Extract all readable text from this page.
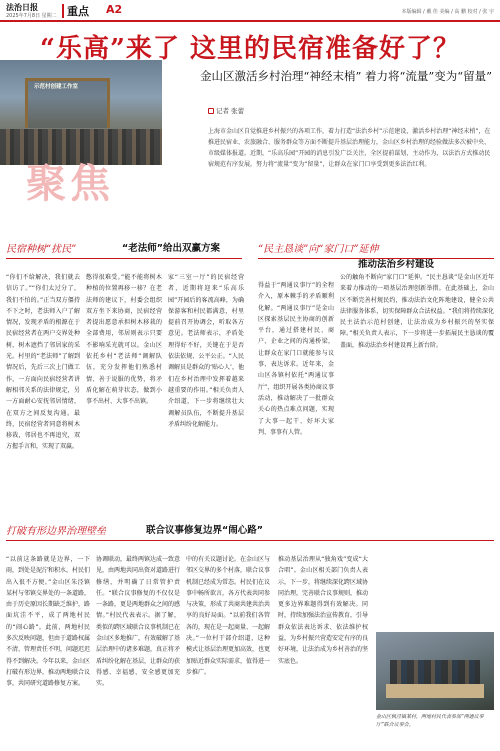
法治日报
2025年7月8日 星期二 重点 A2	本版编辑 / 戴 佳 美编 / 高 鹏 校对 / 张 宇
示范村创建工作室
“乐高”来了 这里的民宿准备好了？
金山区激活乡村治理“神经末梢” 着力将“流量”变为“留量”
聚焦
记者 张蕾

上海市金山区自觉推进乡村振兴的各项工作，着力打造“法治乡村”示范建设，激活乡村治理“神经末梢”，在推进民宿业、农旅融合、服务群众等方面不断提升基层治理能力，金山区乡村治理的经验做法多次被中央、市级媒体报道。近期，“乐高乐园”开园的消息引发广泛关注，全区提前谋划，主动作为，以法治方式推动民宿规范有序发展，努力将“流量”变为“留量”，让群众在家门口享受到更多法治红利。

民宿种树“扰民”	“老法师”给出双赢方案	“民主恳谈”向“家门口”延伸
推动法治乡村建设
“你们不给解决，我们就去信访了。”“你们太过分了，我们不怕的。”正当双方僵持不下之时，老法师入户了解情况，发现矛盾的根源在于民宿经营者在两户交界处种树，树木遮挡了邻居家的采光。村里的“老法师”了解到情况后，先后三次上门做工作，一方面向民宿经营者讲解相邻关系的法律规定，另一方面耐心安抚邻居情绪，在双方之间反复沟通。最终，民宿经营者同意将树木移栽，邻居也不再追究，双方握手言和，实现了双赢。
憋得很难受。”能不能将树木种植的位置再移一移？在老法师的建议下，村委会组织双方坐下来协商，民宿经营者提出愿意承担树木移栽的全部费用，邻居则表示只要不影响采光就可以。金山区依托乡村“老法师”调解队伍，充分发挥他们熟悉村情、善于说服的优势，将矛盾化解在萌芽状态，做到小事不出村、大事不出镇。
家“三室一厅”的民宿经营者，近期将迎来“乐高乐园”开园后的客流高峰，为确保游客和村民都满意，村里提前召开协调会，听取各方意见。老法师表示，矛盾处理得好不好，关键在于是否依法依规、公平公正。“人民调解员是群众的‘贴心人’，他们在乡村治理中发挥着越来越重要的作用。”相关负责人介绍道，下一步将继续壮大调解员队伍，不断提升基层矛盾纠纷化解能力。
得益于“两通议事厅”的全程介入，原本棘手的矛盾顺利化解。“两通议事厅”是金山区探索基层民主协商的创新平台，通过搭建村民、商户、企业之间的沟通桥梁，让群众在家门口就能参与议事、表达诉求。近年来，金山区各镇村依托“两通议事厅”，组织开展各类协商议事活动，推动解决了一批群众关心的热点难点问题，实现了大事一起干、好坏大家判、事事有人管。
公的触角不断向“家门口”延伸。“民主恳谈”是金山区近年来着力推动的一项基层治理创新举措。在此基础上，金山区不断完善村规民约，推动法治文化阵地建设，健全公共法律服务体系，切实保障群众合法权益。“我们将持续深化民主法治示范村创建，让法治成为乡村振兴的坚实保障。”相关负责人表示，下一步将进一步拓展民主恳谈的覆盖面，推动法治乡村建设再上新台阶。
打破有形边界治理壁垒	联合议事修复边界“闹心路”
“以前这条路就是边界，一下雨，到处是泥泞和积水，村民们出入很不方便。”金山区朱泾镇某村与邻镇交界处的一条道路，由于历史原因长期缺乏维护，路面坑洼不平，成了两地村民的“闹心路”。此前，两地村民多次反映问题，但由于道路权属不清、管理责任不明，问题迟迟得不到解决。今年以来，金山区打破有形边界，推动两地联合议事，共同研究道路修复方案。
协调联动，最终两镇达成一致意见，由两地共同出资对道路进行修缮，并明确了日常管护责任。“联合议事修复的不仅仅是一条路，更是两地群众之间的感情。”村民代表表示。据了解，类似的跨区域联合议事机制已在金山区多地推广，有效破解了基层治理中的诸多难题，真正将矛盾纠纷化解在基层，让群众的获得感、幸福感、安全感更加充实。
中的有关议题讨论。在金山区与邻区交界的多个村落，联合议事机制已经成为常态。村民们在议事中畅所欲言，各方代表共同参与决策，形成了共商共建共治共享的良好局面。“以前我们各管各的，现在是一起商量、一起解决。”一位村干部介绍道，这种模式让基层治理更加高效，也更加贴近群众实际需求，值得进一步推广。
推动基层治理从“独角戏”变成“大合唱”。金山区相关部门负责人表示，下一步，将继续深化跨区域协同治理，完善联合议事规则，推动更多边界难题得到有效解决。同时，持续加强法治宣传教育，引导群众依法表达诉求、依法维护权益，为乡村振兴营造安定有序的良好环境，让法治成为乡村善治的坚实底色。
金山区枫泾镇某村，两地村民代表参加“两通议事厅”联合议事会。
